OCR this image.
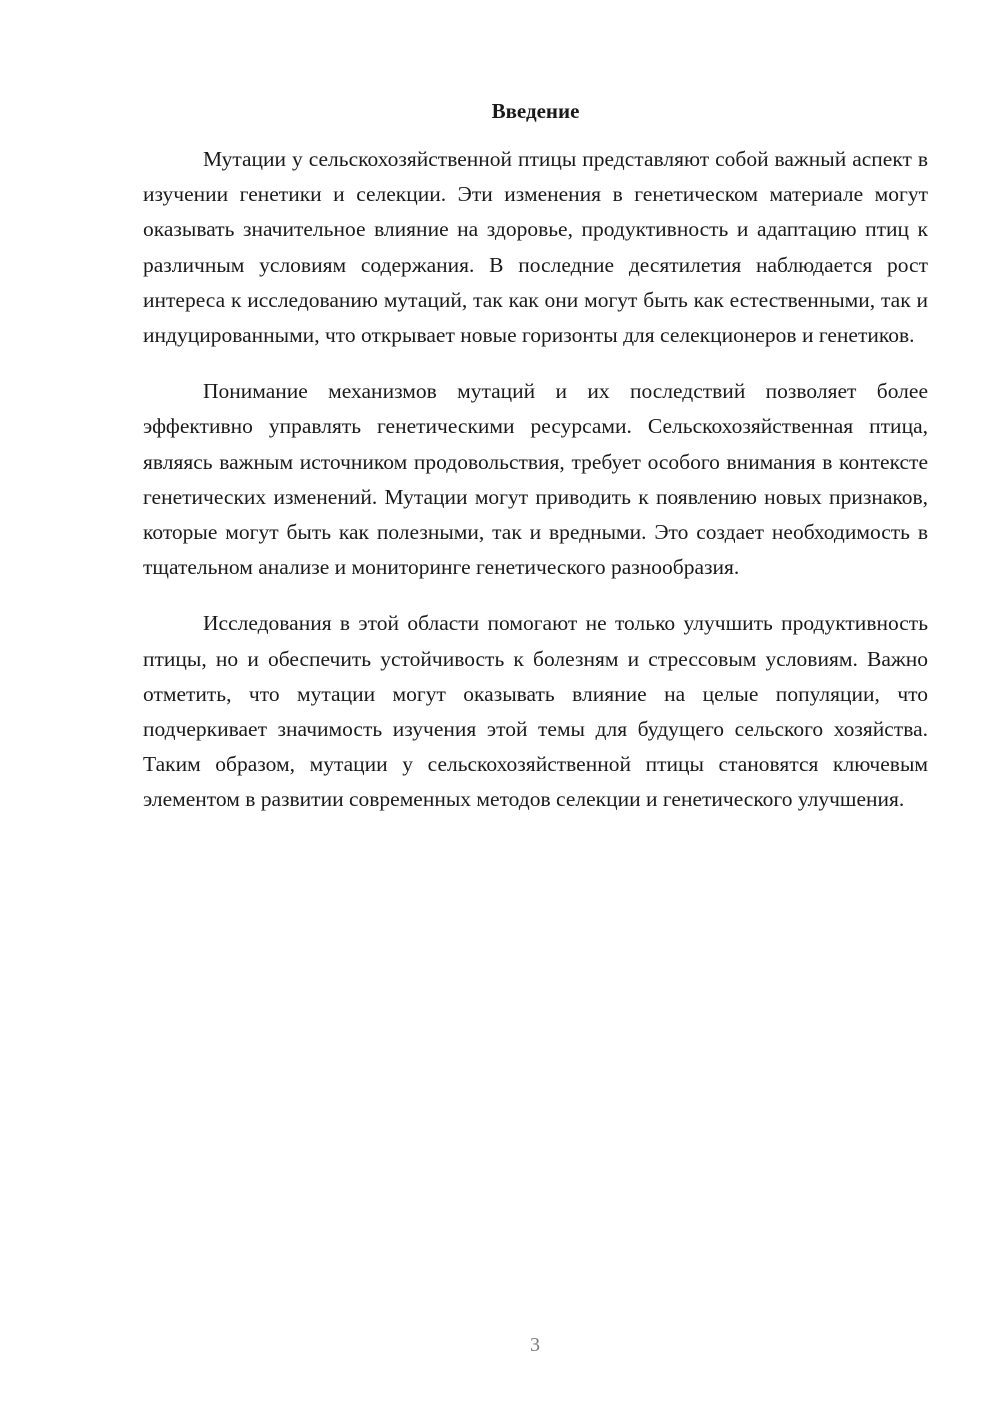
Введение

Мутации у сельскохозяйственной птицы представляют собой важный аспект в изучении генетики и селекции. Эти изменения в генетическом материале могут оказывать значительное влияние на здоровье, продуктивность и адаптацию птиц к различным условиям содержания. В последние десятилетия наблюдается рост интереса к исследованию мутаций, так как они могут быть как естественными, так и индуцированными, что открывает новые горизонты для селекционеров и генетиков.

Понимание механизмов мутаций и их последствий позволяет более эффективно управлять генетическими ресурсами. Сельскохозяйственная птица, являясь важным источником продовольствия, требует особого внимания в контексте генетических изменений. Мутации могут приводить к появлению новых признаков, которые могут быть как полезными, так и вредными. Это создает необходимость в тщательном анализе и мониторинге генетического разнообразия.

Исследования в этой области помогают не только улучшить продуктивность птицы, но и обеспечить устойчивость к болезням и стрессовым условиям. Важно отметить, что мутации могут оказывать влияние на целые популяции, что подчеркивает значимость изучения этой темы для будущего сельского хозяйства. Таким образом, мутации у сельскохозяйственной птицы становятся ключевым элементом в развитии современных методов селекции и генетического улучшения.

3
